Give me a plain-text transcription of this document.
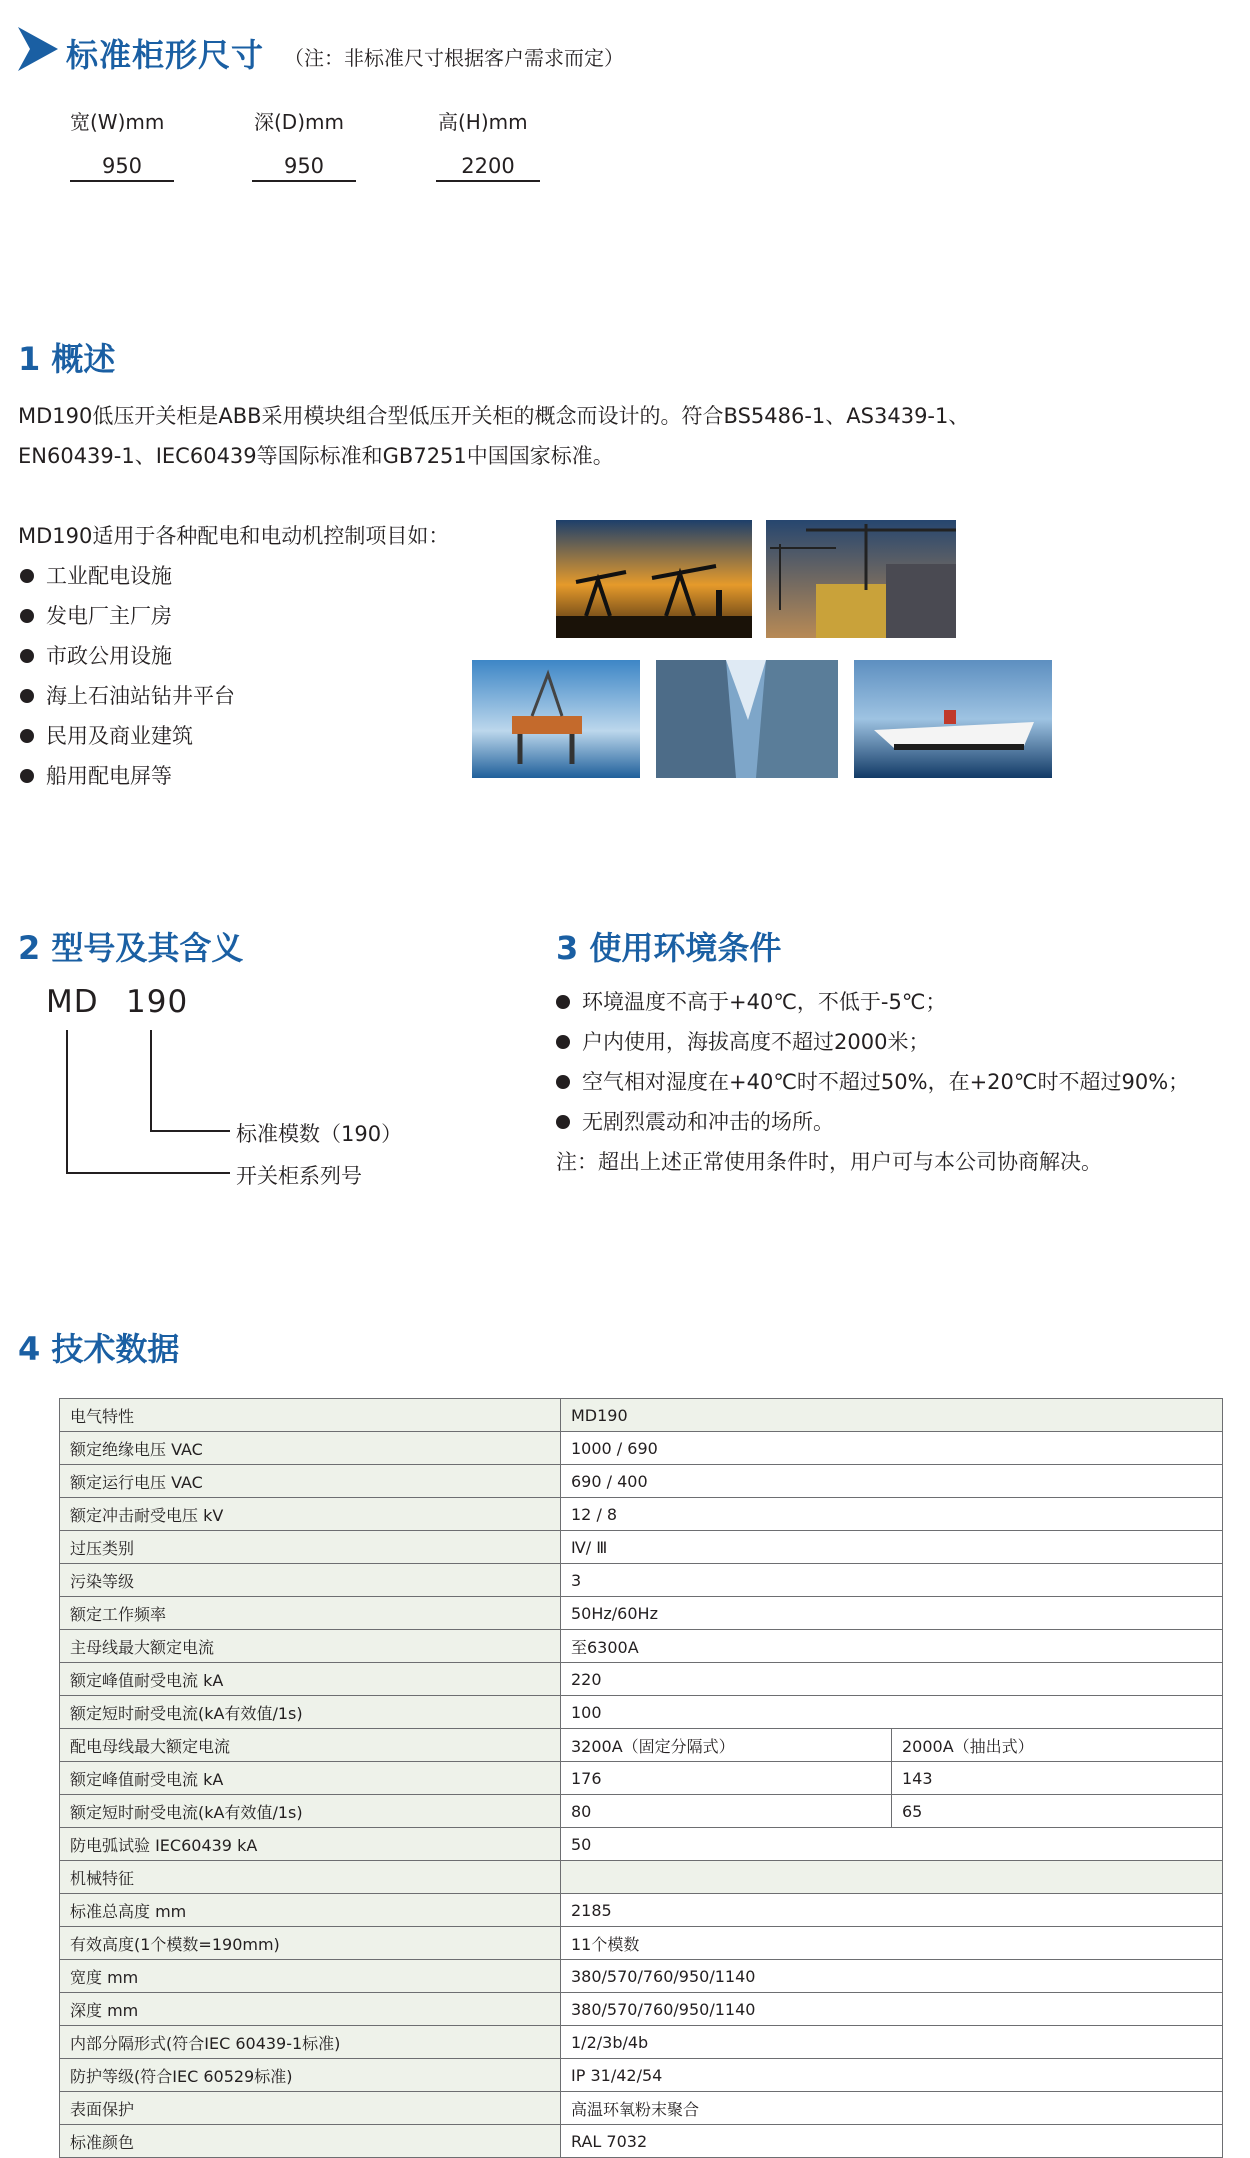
标准柜形尺寸 （注：非标准尺寸根据客户需求而定）
宽(W)mm	深(D)mm	高(H)mm
950	950	2200
1 概述
MD190低压开关柜是ABB采用模块组合型低压开关柜的概念而设计的。符合BS5486-1、AS3439-1、
EN60439-1、IEC60439等国际标准和GB7251中国国家标准。
MD190适用于各种配电和电动机控制项目如：
工业配电设施
发电厂主厂房
市政公用设施
海上石油站钻井平台
民用及商业建筑
船用配电屏等
2 型号及其含义
MD 190
标准模数（190）
开关柜系列号
3 使用环境条件
环境温度不高于+40℃，不低于-5℃；
户内使用，海拔高度不超过2000米；
空气相对湿度在+40℃时不超过50%，在+20℃时不超过90%；
无剧烈震动和冲击的场所。
注：超出上述正常使用条件时，用户可与本公司协商解决。
4 技术数据
电气特性	MD190	
额定绝缘电压 VAC	1000 / 690	
额定运行电压 VAC	690 / 400	
额定冲击耐受电压 kV	12 / 8	
过压类别	Ⅳ/ Ⅲ	
污染等级	3	
额定工作频率	50Hz/60Hz	
主母线最大额定电流	至6300A	
额定峰值耐受电流 kA	220	
额定短时耐受电流(kA有效值/1s)	100	
配电母线最大额定电流	3200A（固定分隔式）	2000A（抽出式）
额定峰值耐受电流 kA	176	143
额定短时耐受电流(kA有效值/1s)	80	65
防电弧试验 IEC60439 kA	50	
机械特征		
标准总高度 mm	2185	
有效高度(1个模数=190mm)	11个模数	
宽度 mm	380/570/760/950/1140	
深度 mm	380/570/760/950/1140	
内部分隔形式(符合IEC 60439-1标准)	1/2/3b/4b	
防护等级(符合IEC 60529标准)	IP 31/42/54	
表面保护	高温环氧粉末聚合	
标准颜色	RAL 7032	
